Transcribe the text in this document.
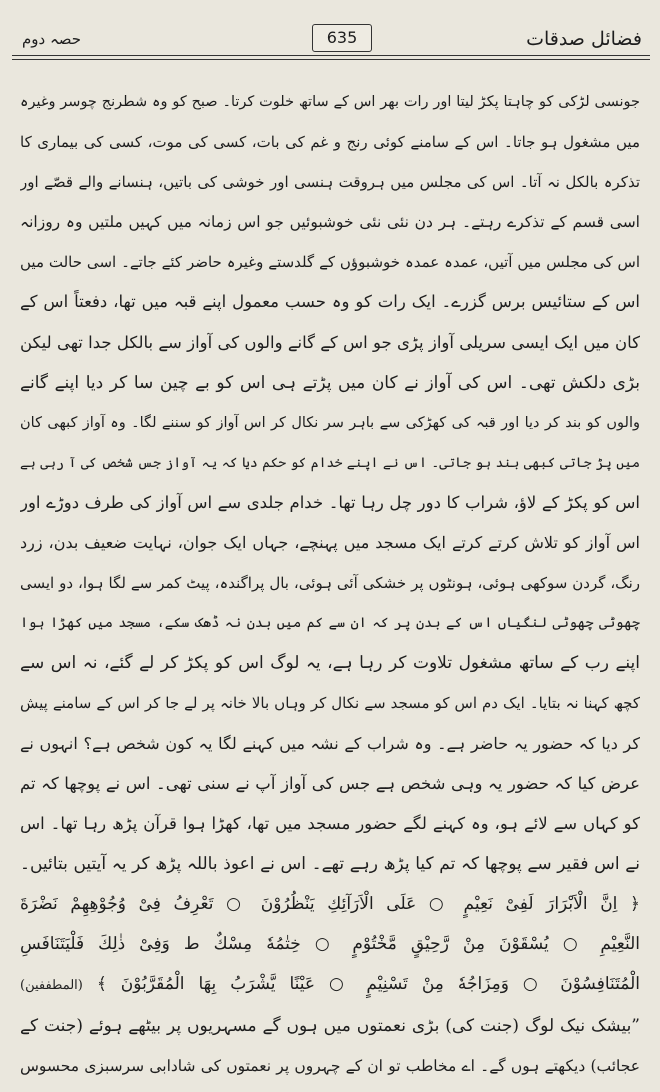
فضائل صدقات
635
حصہ دوم
جونسی لڑکی کو چاہتا پکڑ لیتا اور رات بھر اس کے ساتھ خلوت کرتا۔ صبح کو وہ شطرنج چوسر وغیرہ
میں مشغول ہو جاتا۔ اس کے سامنے کوئی رنج و غم کی بات، کسی کی موت، کسی کی بیماری کا
تذکرہ بالکل نہ آتا۔ اس کی مجلس میں ہروقت ہنسی اور خوشی کی باتیں، ہنسانے والے قصّے اور
اسی قسم کے تذکرے رہتے۔ ہر دن نئی نئی خوشبوئیں جو اس زمانہ میں کہیں ملتیں وہ روزانہ
اس کی مجلس میں آتیں، عمدہ عمدہ خوشبوؤں کے گلدستے وغیرہ حاضر کئے جاتے۔ اسی حالت میں
اس کے ستائیس برس گزرے۔ ایک رات کو وہ حسب معمول اپنے قبہ میں تھا، دفعتاً اس کے
کان میں ایک ایسی سریلی آواز پڑی جو اس کے گانے والوں کی آواز سے بالکل جدا تھی لیکن
بڑی دلکش تھی۔ اس کی آواز نے کان میں پڑتے ہی اس کو بے چین سا کر دیا اپنے گانے
والوں کو بند کر دیا اور قبہ کی کھڑکی سے باہر سر نکال کر اس آواز کو سننے لگا۔ وہ آواز کبھی کان
میں پڑ جاتی کبھی بند ہو جاتی۔ اس نے اپنے خدام کو حکم دیا کہ یہ آواز جس شخص کی آ رہی ہے
اس کو پکڑ کے لاؤ، شراب کا دور چل رہا تھا۔ خدام جلدی سے اس آواز کی طرف دوڑے اور
اس آواز کو تلاش کرتے کرتے ایک مسجد میں پہنچے، جہاں ایک جوان، نہایت ضعیف بدن، زرد
رنگ، گردن سوکھی ہوئی، ہونٹوں پر خشکی آئی ہوئی، بال پراگندہ، پیٹ کمر سے لگا ہوا، دو ایسی
چھوٹی چھوٹی لنگیاں اس کے بدن پر کہ ان سے کم میں بدن نہ ڈھک سکے، مسجد میں کھڑا ہوا
اپنے رب کے ساتھ مشغول تلاوت کر رہا ہے، یہ لوگ اس کو پکڑ کر لے گئے، نہ اس سے
کچھ کہنا نہ بتایا۔ ایک دم اس کو مسجد سے نکال کر وہاں بالا خانہ پر لے جا کر اس کے سامنے پیش
کر دیا کہ حضور یہ حاضر ہے۔ وہ شراب کے نشہ میں کہنے لگا یہ کون شخص ہے؟ انہوں نے
عرض کیا کہ حضور یہ وہی شخص ہے جس کی آواز آپ نے سنی تھی۔ اس نے پوچھا کہ تم
کو کہاں سے لائے ہو، وہ کہنے لگے حضور مسجد میں تھا، کھڑا ہوا قرآن پڑھ رہا تھا۔ اس
نے اس فقیر سے پوچھا کہ تم کیا پڑھ رہے تھے۔ اس نے اعوذ باللہ پڑھ کر یہ آیتیں بتائیں۔
﴿ اِنَّ الْاَبْرَارَ لَفِیْ نَعِیْمٍ ○ عَلَى الْاَرَآئِكِ یَنْظُرُوْنَ ○ تَعْرِفُ فِیْ وُجُوْهِهِمْ نَضْرَةَ
النَّعِیْمِ ○ یُسْقَوْنَ مِنْ رَّحِیْقٍ مَّخْتُوْمٍ ○ خِتٰمُهٗ مِسْكٌ ط وَفِیْ ذٰلِكَ فَلْیَتَنَافَسِ
الْمُتَنَافِسُوْنَ ○ وَمِزَاجُهٗ مِنْ تَسْنِیْمٍ ○ عَیْنًا یَّشْرَبُ بِهَا الْمُقَرَّبُوْنَ ﴾ (المطففین)
”بیشک نیک لوگ (جنت کی) بڑی نعمتوں میں ہوں گے مسہریوں پر بیٹھے ہوئے (جنت کے
عجائب) دیکھتے ہوں گے۔ اے مخاطب تو ان کے چہروں پر نعمتوں کی شادابی سرسبزی محسوس
